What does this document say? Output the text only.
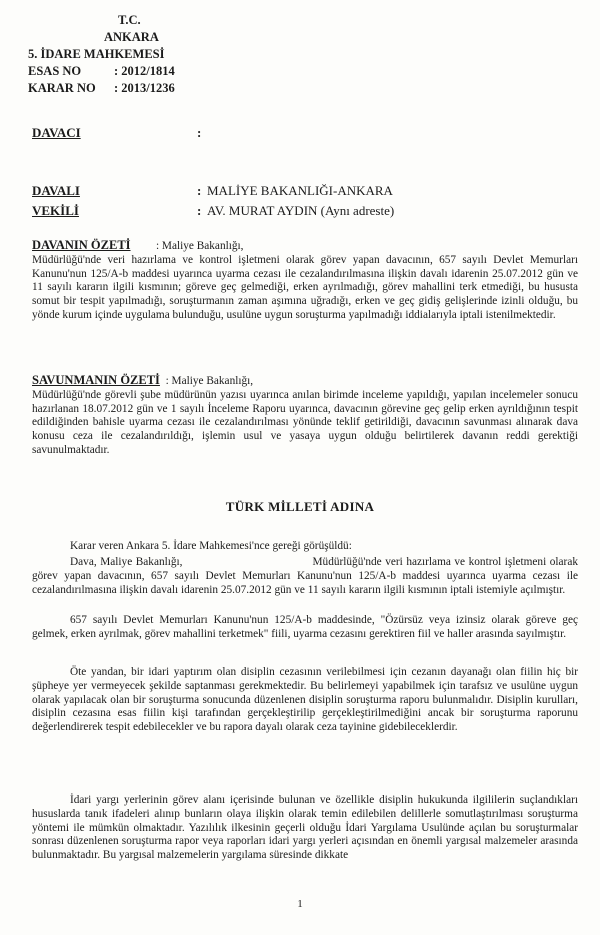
T.C.
ANKARA
5. İDARE MAHKEMESİ
ESAS NO	: 2012/1814
KARAR NO	: 2013/1236
DAVACI	:
DAVALI	: MALİYE BAKANLIĞI-ANKARA
VEKİLİ	: AV. MURAT AYDIN (Aynı adreste)

DAVANIN ÖZETİ : Maliye Bakanlığı,
Müdürlüğü'nde veri hazırlama ve kontrol işletmeni olarak görev yapan davacının, 657 sayılı Devlet Memurları Kanunu'nun 125/A-b maddesi uyarınca uyarma cezası ile cezalandırılmasına ilişkin davalı idarenin 25.07.2012 gün ve 11 sayılı kararın ilgili kısmının; göreve geç gelmediği, erken ayrılmadığı, görev mahallini terk etmediği, bu hususta somut bir tespit yapılmadığı, soruşturmanın zaman aşımına uğradığı, erken ve geç gidiş gelişlerinde izinli olduğu, bu yönde kurum içinde uygulama bulunduğu, usulüne uygun soruşturma yapılmadığı iddialarıyla iptali istenilmektedir.

SAVUNMANIN ÖZETİ : Maliye Bakanlığı,
Müdürlüğü'nde görevli şube müdürünün yazısı uyarınca anılan birimde inceleme yapıldığı, yapılan incelemeler sonucu hazırlanan 18.07.2012 gün ve 1 sayılı İnceleme Raporu uyarınca, davacının görevine geç gelip erken ayrıldığının tespit edildiğinden bahisle uyarma cezası ile cezalandırılması yönünde teklif getirildiği, davacının savunması alınarak dava konusu ceza ile cezalandırıldığı, işlemin usul ve yasaya uygun olduğu belirtilerek davanın reddi gerektiği savunulmaktadır.

TÜRK MİLLETİ ADINA

Karar veren Ankara 5. İdare Mahkemesi'nce gereği görüşüldü:

Dava, Maliye Bakanlığı,	Müdürlüğü'nde veri hazırlama ve kontrol işletmeni olarak görev yapan davacının, 657 sayılı Devlet Memurları Kanunu'nun 125/A-b maddesi uyarınca uyarma cezası ile cezalandırılmasına ilişkin davalı idarenin 25.07.2012 gün ve 11 sayılı kararın ilgili kısmının iptali istemiyle açılmıştır.

657 sayılı Devlet Memurları Kanunu'nun 125/A-b maddesinde, "Özürsüz veya izinsiz olarak göreve geç gelmek, erken ayrılmak, görev mahallini terketmek" fiili, uyarma cezasını gerektiren fiil ve haller arasında sayılmıştır.

Öte yandan, bir idari yaptırım olan disiplin cezasının verilebilmesi için cezanın dayanağı olan fiilin hiç bir şüpheye yer vermeyecek şekilde saptanması gerekmektedir. Bu belirlemeyi yapabilmek için tarafsız ve usulüne uygun olarak yapılacak olan bir soruşturma sonucunda düzenlenen disiplin soruşturma raporu bulunmalıdır. Disiplin kurulları, disiplin cezasına esas fiilin kişi tarafından gerçekleştirilip gerçekleştirilmediğini ancak bir soruşturma raporunu değerlendirerek tespit edebilecekler ve bu rapora dayalı olarak ceza tayinine gidebileceklerdir.

İdari yargı yerlerinin görev alanı içerisinde bulunan ve özellikle disiplin hukukunda ilgililerin suçlandıkları hususlarda tanık ifadeleri alınıp bunların olaya ilişkin olarak temin edilebilen delillerle somutlaştırılması soruşturma yöntemi ile mümkün olmaktadır. Yazılılık ilkesinin geçerli olduğu İdari Yargılama Usulünde açılan bu soruşturmalar sonrası düzenlenen soruşturma rapor veya raporları idari yargı yerleri açısından en önemli yargısal malzemeler arasında bulunmaktadır. Bu yargısal malzemelerin yargılama süresinde dikkate

1
